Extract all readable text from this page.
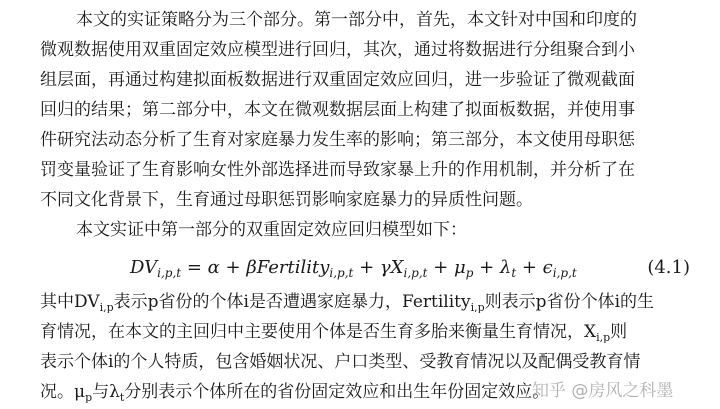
本文的实证策略分为三个部分。第一部分中，首先，本文针对中国和印度的
微观数据使用双重固定效应模型进行回归，其次，通过将数据进行分组聚合到小
组层面，再通过构建拟面板数据进行双重固定效应回归，进一步验证了微观截面
回归的结果；第二部分中，本文在微观数据层面上构建了拟面板数据，并使用事
件研究法动态分析了生育对家庭暴力发生率的影响；第三部分，本文使用母职惩
罚变量验证了生育影响女性外部选择进而导致家暴上升的作用机制，并分析了在
不同文化背景下，生育通过母职惩罚影响家庭暴力的异质性问题。
本文实证中第一部分的双重固定效应回归模型如下：
$DV_{i,p,t} = \alpha$ + βFertility$_{i,p,t}$ + $\gamma X_{i,p,t} + \mu_p + \lambda_t + \epsilon_{i,p,t}$	(4.1)
其中$DV_{i,p}$表示p省份的个体i是否遭遇家庭暴力，Fertility$_{i,p}$则表示p省份个体i的生
育情况，在本文的主回归中主要使用个体是否生育多胎来衡量生育情况，$X_{i,p}$则
表示个体i的个人特质，包含婚姻状况、户口类型、受教育情况以及配偶受教育情
况。$\mu_p$与$\lambda_t$分别表示个体所在的省份固定效应和出生年份固定效应。
知乎 @房风之科墨
